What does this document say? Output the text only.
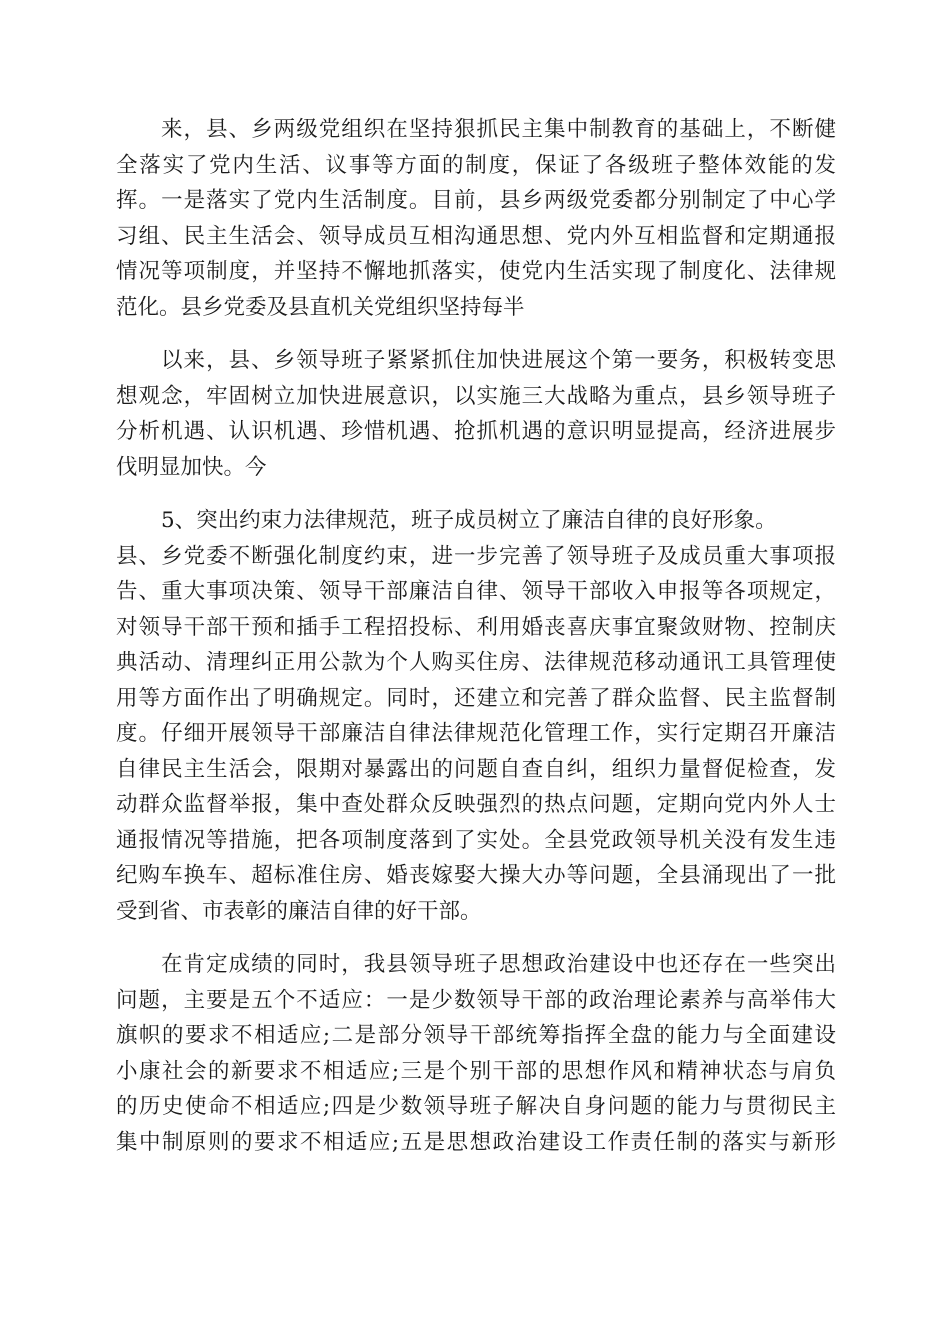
来，县、乡两级党组织在坚持狠抓民主集中制教育的基础上，不断健
全落实了党内生活、议事等方面的制度，保证了各级班子整体效能的发
挥。一是落实了党内生活制度。目前，县乡两级党委都分别制定了中心学
习组、民主生活会、领导成员互相沟通思想、党内外互相监督和定期通报
情况等项制度，并坚持不懈地抓落实，使党内生活实现了制度化、法律规
范化。县乡党委及县直机关党组织坚持每半
以来，县、乡领导班子紧紧抓住加快进展这个第一要务，积极转变思
想观念，牢固树立加快进展意识，以实施三大战略为重点，县乡领导班子
分析机遇、认识机遇、珍惜机遇、抢抓机遇的意识明显提高，经济进展步
伐明显加快。今
5、突出约束力法律规范，班子成员树立了廉洁自律的良好形象。
县、乡党委不断强化制度约束，进一步完善了领导班子及成员重大事项报
告、重大事项决策、领导干部廉洁自律、领导干部收入申报等各项规定，
对领导干部干预和插手工程招投标、利用婚丧喜庆事宜聚敛财物、控制庆
典活动、清理纠正用公款为个人购买住房、法律规范移动通讯工具管理使
用等方面作出了明确规定。同时，还建立和完善了群众监督、民主监督制
度。仔细开展领导干部廉洁自律法律规范化管理工作，实行定期召开廉洁
自律民主生活会，限期对暴露出的问题自查自纠，组织力量督促检查，发
动群众监督举报，集中查处群众反映强烈的热点问题，定期向党内外人士
通报情况等措施，把各项制度落到了实处。全县党政领导机关没有发生违
纪购车换车、超标准住房、婚丧嫁娶大操大办等问题，全县涌现出了一批
受到省、市表彰的廉洁自律的好干部。
在肯定成绩的同时，我县领导班子思想政治建设中也还存在一些突出
问题，主要是五个不适应：一是少数领导干部的政治理论素养与高举伟大
旗帜的要求不相适应;二是部分领导干部统筹指挥全盘的能力与全面建设
小康社会的新要求不相适应;三是个别干部的思想作风和精神状态与肩负
的历史使命不相适应;四是少数领导班子解决自身问题的能力与贯彻民主
集中制原则的要求不相适应;五是思想政治建设工作责任制的落实与新形
